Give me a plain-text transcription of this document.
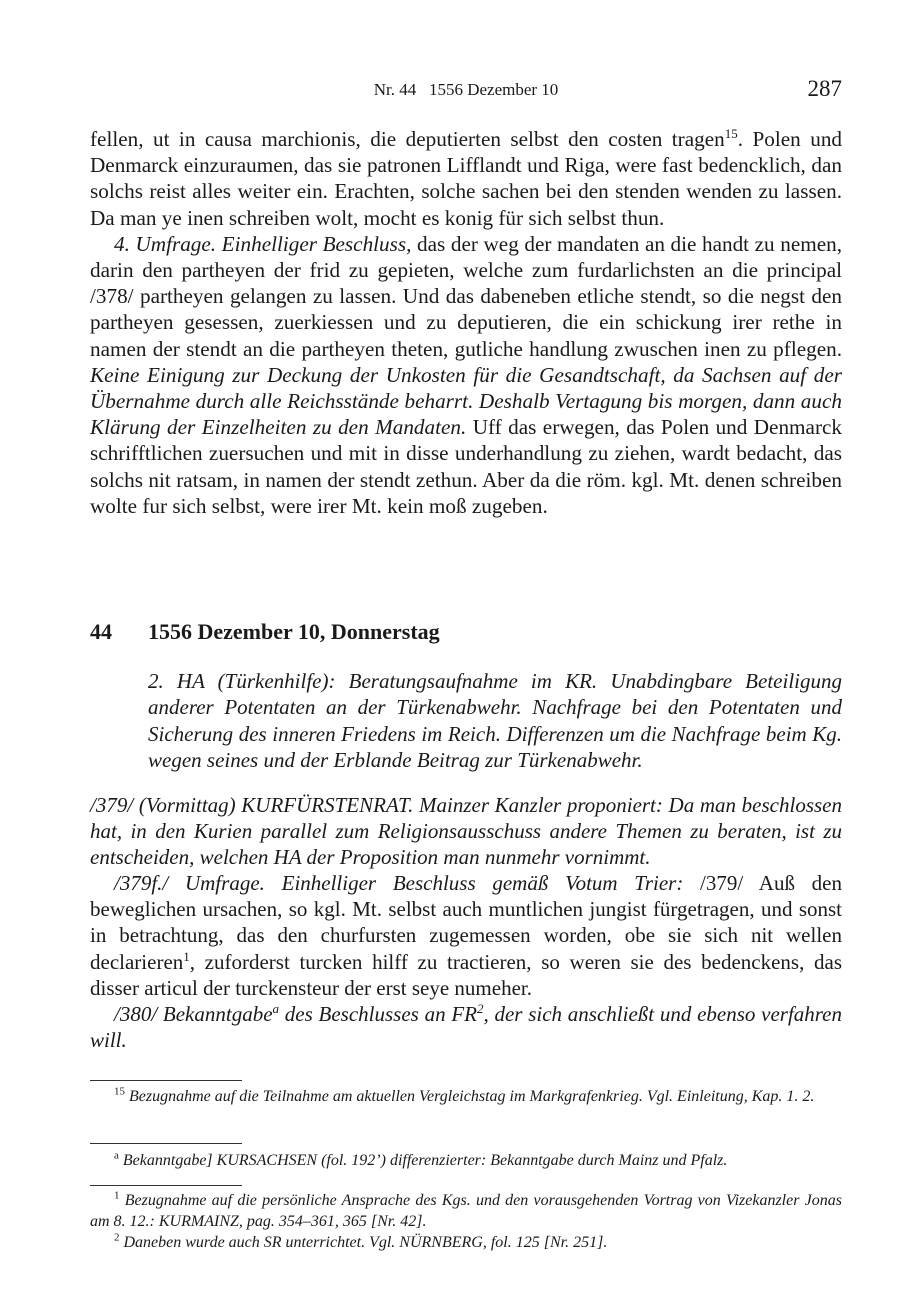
Nr. 44   1556 Dezember 10	287

fellen, ut in causa marchionis, die deputierten selbst den costen tragen$^{15}$. Polen und Denmarck einzuraumen, das sie patronen Lifflandt und Riga, were fast bedencklich, dan solchs reist alles weiter ein. Erachten, solche sachen bei den stenden wenden zu lassen. Da man ye inen schreiben wolt, mocht es konig für sich selbst thun.

4. Umfrage. Einhelliger Beschluss, das der weg der mandaten an die handt zu nemen, darin den partheyen der frid zu gepieten, welche zum furdarlichsten an die principal /378/ partheyen gelangen zu lassen. Und das dabeneben etliche stendt, so die negst den partheyen gesessen, zuerkiessen und zu deputieren, die ein schickung irer rethe in namen der stendt an die partheyen theten, gutliche handlung zwuschen inen zu pflegen. Keine Einigung zur Deckung der Unkosten für die Gesandtschaft, da Sachsen auf der Übernahme durch alle Reichsstände beharrt. Deshalb Vertagung bis morgen, dann auch Klärung der Einzelheiten zu den Mandaten. Uff das erwegen, das Polen und Denmarck schrifftlichen zuersuchen und mit in disse underhandlung zu ziehen, wardt bedacht, das solchs nit ratsam, in namen der stendt zethun. Aber da die röm. kgl. Mt. denen schreiben wolte fur sich selbst, were irer Mt. kein moß zugeben.

44 1556 Dezember 10, Donnerstag
2. HA (Türkenhilfe): Beratungsaufnahme im KR. Unabdingbare Beteiligung anderer Potentaten an der Türkenabwehr. Nachfrage bei den Potentaten und Sicherung des inneren Friedens im Reich. Differenzen um die Nachfrage beim Kg. wegen seines und der Erblande Beitrag zur Türkenabwehr.

/379/ (Vormittag) KURFÜRSTENRAT. Mainzer Kanzler proponiert: Da man beschlossen hat, in den Kurien parallel zum Religionsausschuss andere Themen zu beraten, ist zu entscheiden, welchen HA der Proposition man nunmehr vornimmt.

/379f./ Umfrage. Einhelliger Beschluss gemäß Votum Trier: /379/ Auß den beweglichen ursachen, so kgl. Mt. selbst auch muntlichen jungist fürgetragen, und sonst in betrachtung, das den churfursten zugemessen worden, obe sie sich nit wellen declarieren$^1$, zuforderst turcken hilff zu tractieren, so weren sie des bedenckens, das disser articul der turckensteur der erst seye numeher.

/380/ Bekanntgabe$^a$ des Beschlusses an $FR^2$, der sich anschließt und ebenso verfahren will.

$^{15}$ Bezugnahme auf die Teilnahme am aktuellen Vergleichstag im Markgrafenkrieg. Vgl. Einleitung, Kap. 1. 2.

$^a$ Bekanntgabe] KURSACHSEN (fol. 192’) differenzierter: Bekanntgabe durch Mainz und Pfalz.

$^1$ Bezugnahme auf die persönliche Ansprache des Kgs. und den vorausgehenden Vortrag von Vizekanzler Jonas am 8. 12.: KURMAINZ, pag. 354–361, 365 [Nr. 42].

$^2$ Daneben wurde auch SR unterrichtet. Vgl. NÜRNBERG, fol. 125 [Nr. 251].
